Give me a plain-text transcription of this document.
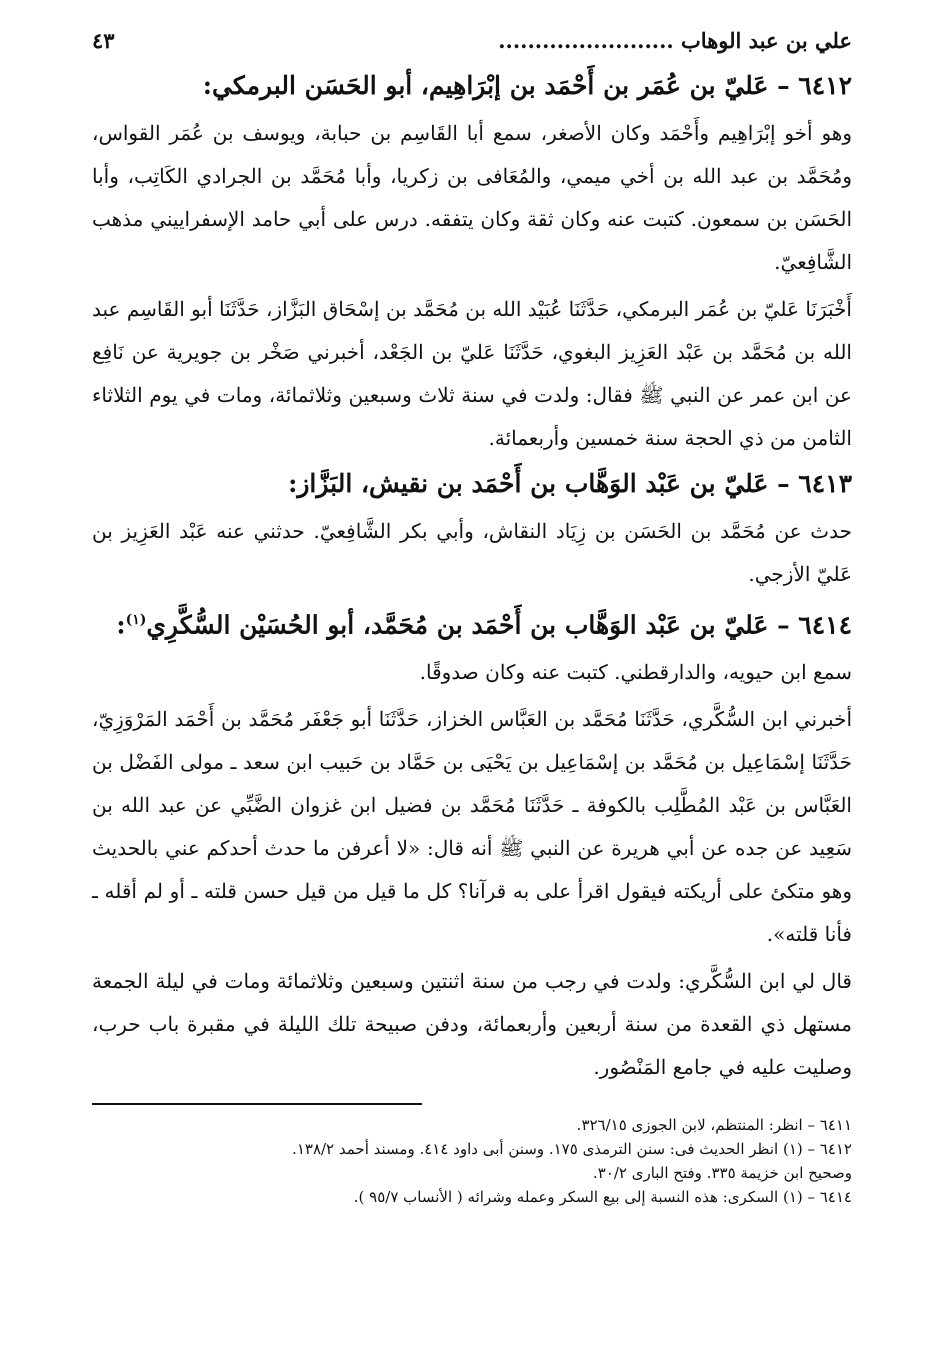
علي بن عبد الوهاب ........................
٤٣
٦٤١٢ – عَليّ بن عُمَر بن أَحْمَد بن إبْرَاهِيم، أبو الحَسَن البرمكي:

وهو أخو إبْرَاهِيم وأَحْمَد وكان الأصغر، سمع أبا القَاسِم بن حبابة، ويوسف بن عُمَر القواس، ومُحَمَّد بن عبد الله بن أخي ميمي، والمُعَافى بن زكريا، وأبا مُحَمَّد بن الجرادي الكَاتِب، وأبا الحَسَن بن سمعون. كتبت عنه وكان ثقة وكان يتفقه. درس على أبي حامد الإسفراييني مذهب الشَّافِعيّ.

أَخْبَرَنَا عَليّ بن عُمَر البرمكي، حَدَّثَنَا عُبَيْد الله بن مُحَمَّد بن إسْحَاق البَزَّاز، حَدَّثَنَا أبو القَاسِم عبد الله بن مُحَمَّد بن عَبْد العَزِيز البغوي، حَدَّثَنَا عَليّ بن الجَعْد، أخبرني صَخْر بن جويرية عن نَافِع عن ابن عمر عن النبي ﷺ فقال: ولدت في سنة ثلاث وسبعين وثلاثمائة، ومات في يوم الثلاثاء الثامن من ذي الحجة سنة خمسين وأربعمائة.

٦٤١٣ – عَليّ بن عَبْد الوَهَّاب بن أَحْمَد بن نقيش، البَزَّاز:

حدث عن مُحَمَّد بن الحَسَن بن زِيَاد النقاش، وأبي بكر الشَّافِعيّ. حدثني عنه عَبْد العَزِيز بن عَليّ الأزجي.

٦٤١٤ – عَليّ بن عَبْد الوَهَّاب بن أَحْمَد بن مُحَمَّد، أبو الحُسَيْن السُّكَّرِي$^{(١)}$:

سمع ابن حيويه، والدارقطني. كتبت عنه وكان صدوقًا.

أخبرني ابن السُّكَّري، حَدَّثَنَا مُحَمَّد بن العَبَّاس الخزاز، حَدَّثَنَا أبو جَعْفَر مُحَمَّد بن أَحْمَد المَرْوَزِيّ، حَدَّثَنَا إسْمَاعِيل بن مُحَمَّد بن إسْمَاعِيل بن يَحْيَى بن حَمَّاد بن حَبيب ابن سعد ـ مولى الفَضْل بن العَبَّاس بن عَبْد المُطَّلِب بالكوفة ـ حَدَّثَنَا مُحَمَّد بن فضيل ابن غزوان الضَّبِّي عن عبد الله بن سَعِيد عن جده عن أبي هريرة عن النبي ﷺ أنه قال: «لا أعرفن ما حدث أحدكم عني بالحديث وهو متكئ على أريكته فيقول اقرأ على به قرآنا؟ كل ما قيل من قيل حسن قلته ـ أو لم أقله ـ فأنا قلته».

قال لي ابن السُّكَّري: ولدت في رجب من سنة اثنتين وسبعين وثلاثمائة ومات في ليلة الجمعة مستهل ذي القعدة من سنة أربعين وأربعمائة، ودفن صبيحة تلك الليلة في مقبرة باب حرب، وصليت عليه في جامع المَنْصُور.

٦٤١١ – انظر: المنتظم، لابن الجوزى ٣٢٦/١٥.
٦٤١٢ – (١) انظر الحديث فى: سنن الترمذى ١٧٥. وسنن أبى داود ٤١٤. ومسند أحمد ١٣٨/٢.
وصحيح ابن خزيمة ٣٣٥. وفتح البارى ٣٠/٢.
٦٤١٤ – (١) السكرى: هذه النسبة إلى بيع السكر وعمله وشرائه ( الأنساب ٩٥/٧ ).
